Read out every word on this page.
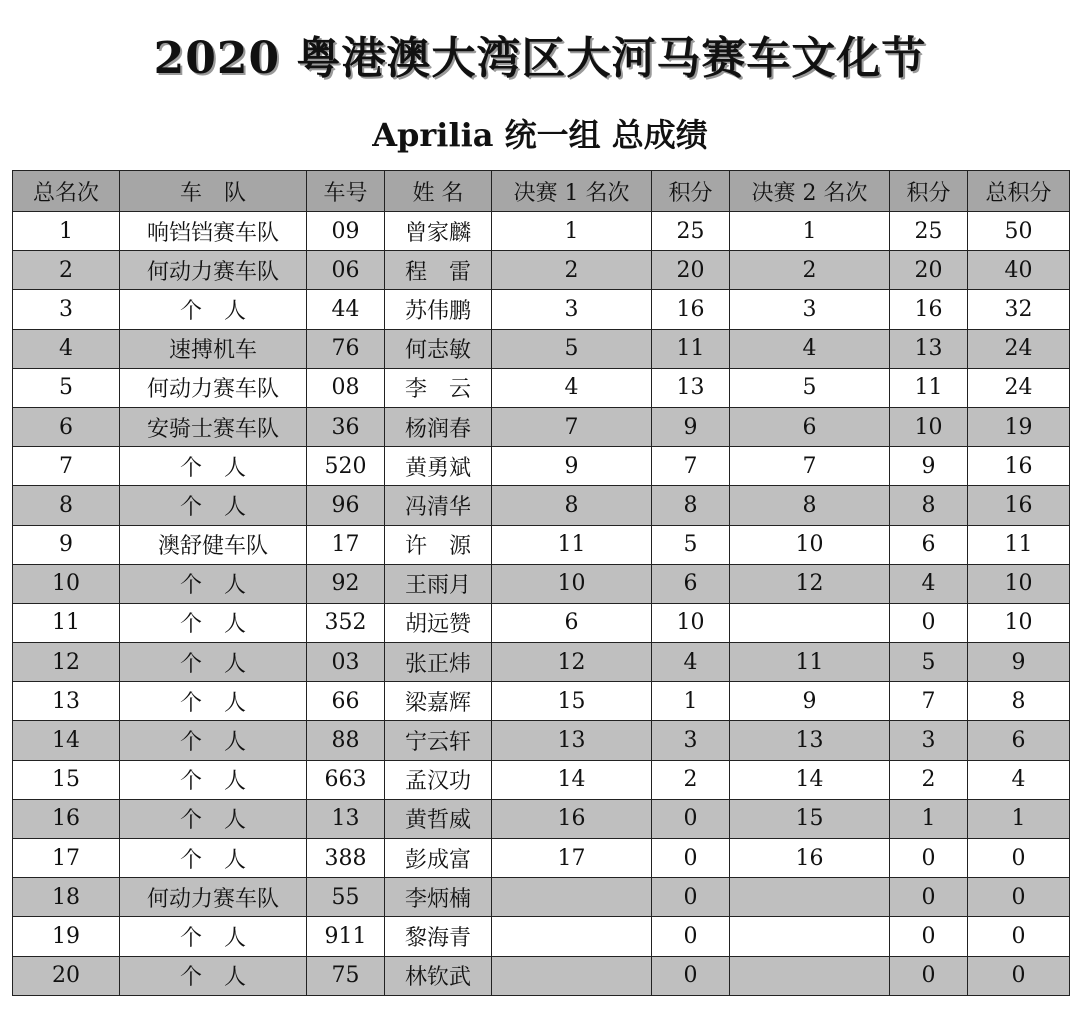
2020 粤港澳大湾区大河马赛车文化节
Aprilia 统一组 总成绩
总名次	车　队	车号	姓 名	决赛 1 名次	积分	决赛 2 名次	积分	总积分
1	响铛铛赛车队	09	曾家麟	1	25	1	25	50
2	何动力赛车队	06	程　雷	2	20	2	20	40
3	个　人	44	苏伟鹏	3	16	3	16	32
4	速搏机车	76	何志敏	5	11	4	13	24
5	何动力赛车队	08	李　云	4	13	5	11	24
6	安骑士赛车队	36	杨润春	7	9	6	10	19
7	个　人	520	黄勇斌	9	7	7	9	16
8	个　人	96	冯清华	8	8	8	8	16
9	澳舒健车队	17	许　源	11	5	10	6	11
10	个　人	92	王雨月	10	6	12	4	10
11	个　人	352	胡远赞	6	10		0	10
12	个　人	03	张正炜	12	4	11	5	9
13	个　人	66	梁嘉辉	15	1	9	7	8
14	个　人	88	宁云轩	13	3	13	3	6
15	个　人	663	孟汉功	14	2	14	2	4
16	个　人	13	黄哲威	16	0	15	1	1
17	个　人	388	彭成富	17	0	16	0	0
18	何动力赛车队	55	李炳楠		0		0	0
19	个　人	911	黎海青		0		0	0
20	个　人	75	林钦武		0		0	0
